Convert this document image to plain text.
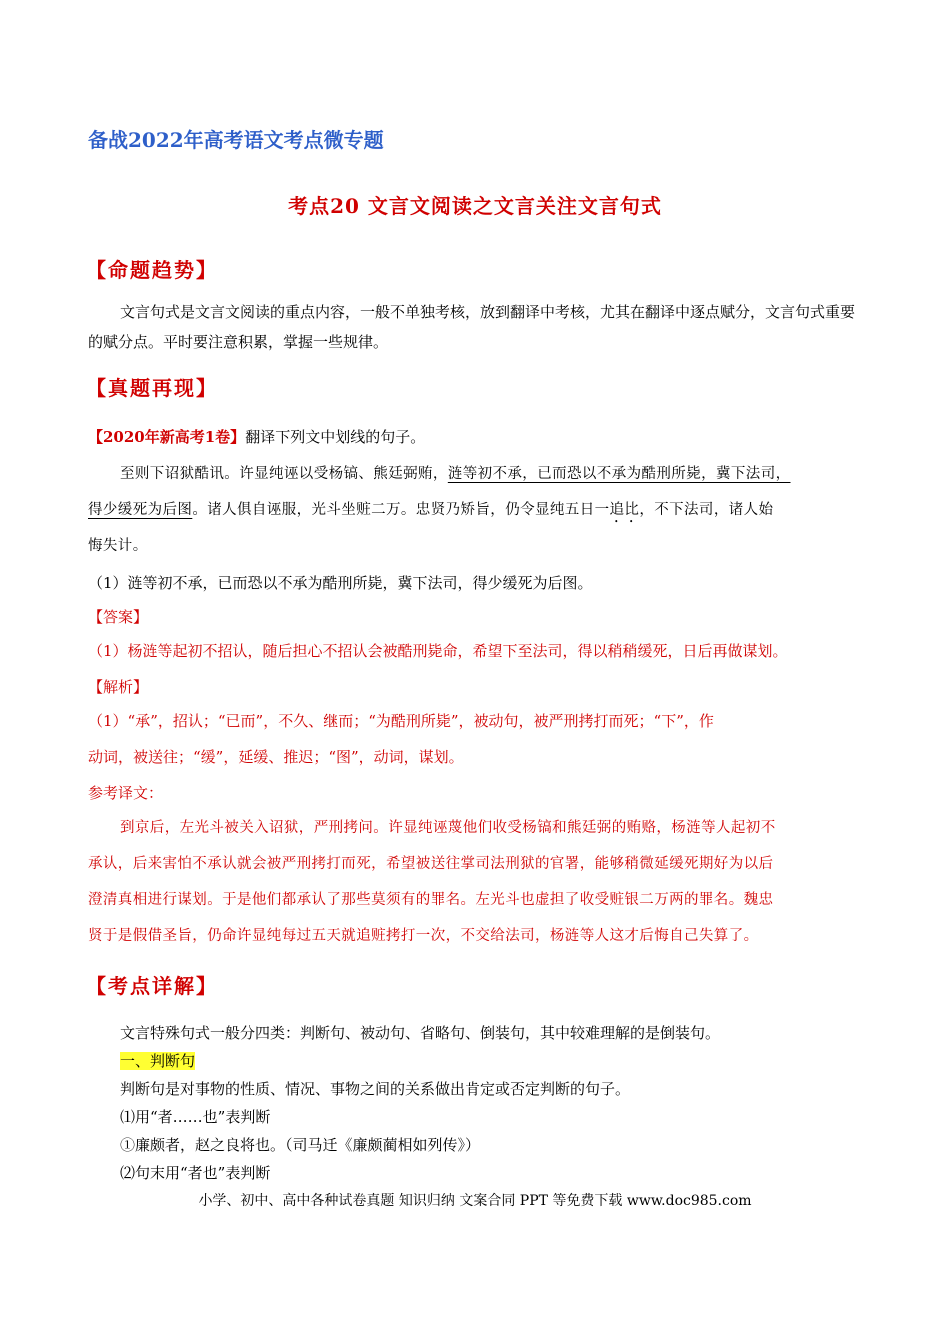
备战2022年高考语文考点微专题
考点20 文言文阅读之文言关注文言句式
【命题趋势】
文言句式是文言文阅读的重点内容，一般不单独考核，放到翻译中考核，尤其在翻译中逐点赋分，文言句式重要的赋分点。平时要注意积累，掌握一些规律。
【真题再现】
【2020年新高考1卷】翻译下列文中划线的句子。
至则下诏狱酷讯。许显纯诬以受杨镐、熊廷弼贿，涟等初不承，已而恐以不承为酷刑所毙，冀下法司，
得少缓死为后图。诸人俱自诬服，光斗坐赃二万。忠贤乃矫旨，仍令显纯五日一追比，不下法司，诸人始
悔失计。
（1）涟等初不承，已而恐以不承为酷刑所毙，冀下法司，得少缓死为后图。
【答案】
（1）杨涟等起初不招认，随后担心不招认会被酷刑毙命，希望下至法司，得以稍稍缓死，日后再做谋划。
【解析】
（1）“承”，招认；“已而”，不久、继而；“为酷刑所毙”，被动句，被严刑拷打而死；“下”，作
动词，被送往；“缓”，延缓、推迟；“图”，动词，谋划。
参考译文：
到京后，左光斗被关入诏狱，严刑拷问。许显纯诬蔑他们收受杨镐和熊廷弼的贿赂，杨涟等人起初不
承认，后来害怕不承认就会被严刑拷打而死，希望被送往掌司法刑狱的官署，能够稍微延缓死期好为以后
澄清真相进行谋划。于是他们都承认了那些莫须有的罪名。左光斗也虚担了收受赃银二万两的罪名。魏忠
贤于是假借圣旨，仍命许显纯每过五天就追赃拷打一次，不交给法司，杨涟等人这才后悔自己失算了。
【考点详解】
文言特殊句式一般分四类：判断句、被动句、省略句、倒装句，其中较难理解的是倒装句。
一、判断句
判断句是对事物的性质、情况、事物之间的关系做出肯定或否定判断的句子。
⑴用“者……也”表判断
①廉颇者，赵之良将也。（司马迁《廉颇蔺相如列传》）
⑵句末用“者也”表判断
小学、初中、高中各种试卷真题 知识归纳 文案合同 PPT 等免费下载 www.doc985.com
